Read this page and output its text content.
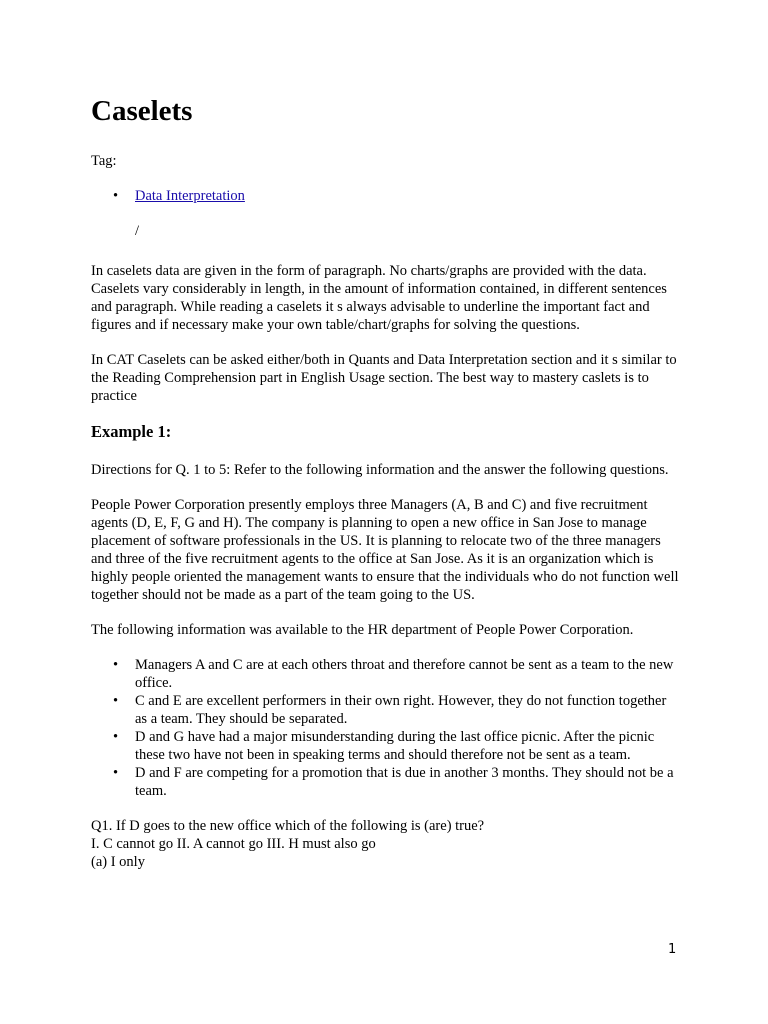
Caselets
Tag:
• Data Interpretation
/

In caselets data are given in the form of paragraph. No charts/graphs are provided with the data. Caselets vary considerably in length, in the amount of information contained, in different sentences and paragraph. While reading a caselets it s always advisable to underline the important fact and figures and if necessary make your own table/chart/graphs for solving the questions.

In CAT Caselets can be asked either/both in Quants and Data Interpretation section and it s similar to the Reading Comprehension part in English Usage section. The best way to mastery caslets is to practice

Example 1:

Directions for Q. 1 to 5: Refer to the following information and the answer the following questions.

People Power Corporation presently employs three Managers (A, B and C) and five recruitment agents (D, E, F, G and H). The company is planning to open a new office in San Jose to manage placement of software professionals in the US. It is planning to relocate two of the three managers and three of the five recruitment agents to the office at San Jose. As it is an organization which is
highly people oriented the management wants to ensure that the individuals who do not function well together should not be made as a part of the team going to the US.

The following information was available to the HR department of People Power Corporation.

• Managers A and C are at each others throat and therefore cannot be sent as a team to the new office.
• C and E are excellent performers in their own right. However, they do not function together as a team. They should be separated.
• D and G have had a major misunderstanding during the last office picnic. After the picnic these two have not been in speaking terms and should therefore not be sent as a team.
• D and F are competing for a promotion that is due in another 3 months. They should not be a team.
Q1. If D goes to the new office which of the following is (are) true?
I. C cannot go II. A cannot go III. H must also go
(a) I only
1
